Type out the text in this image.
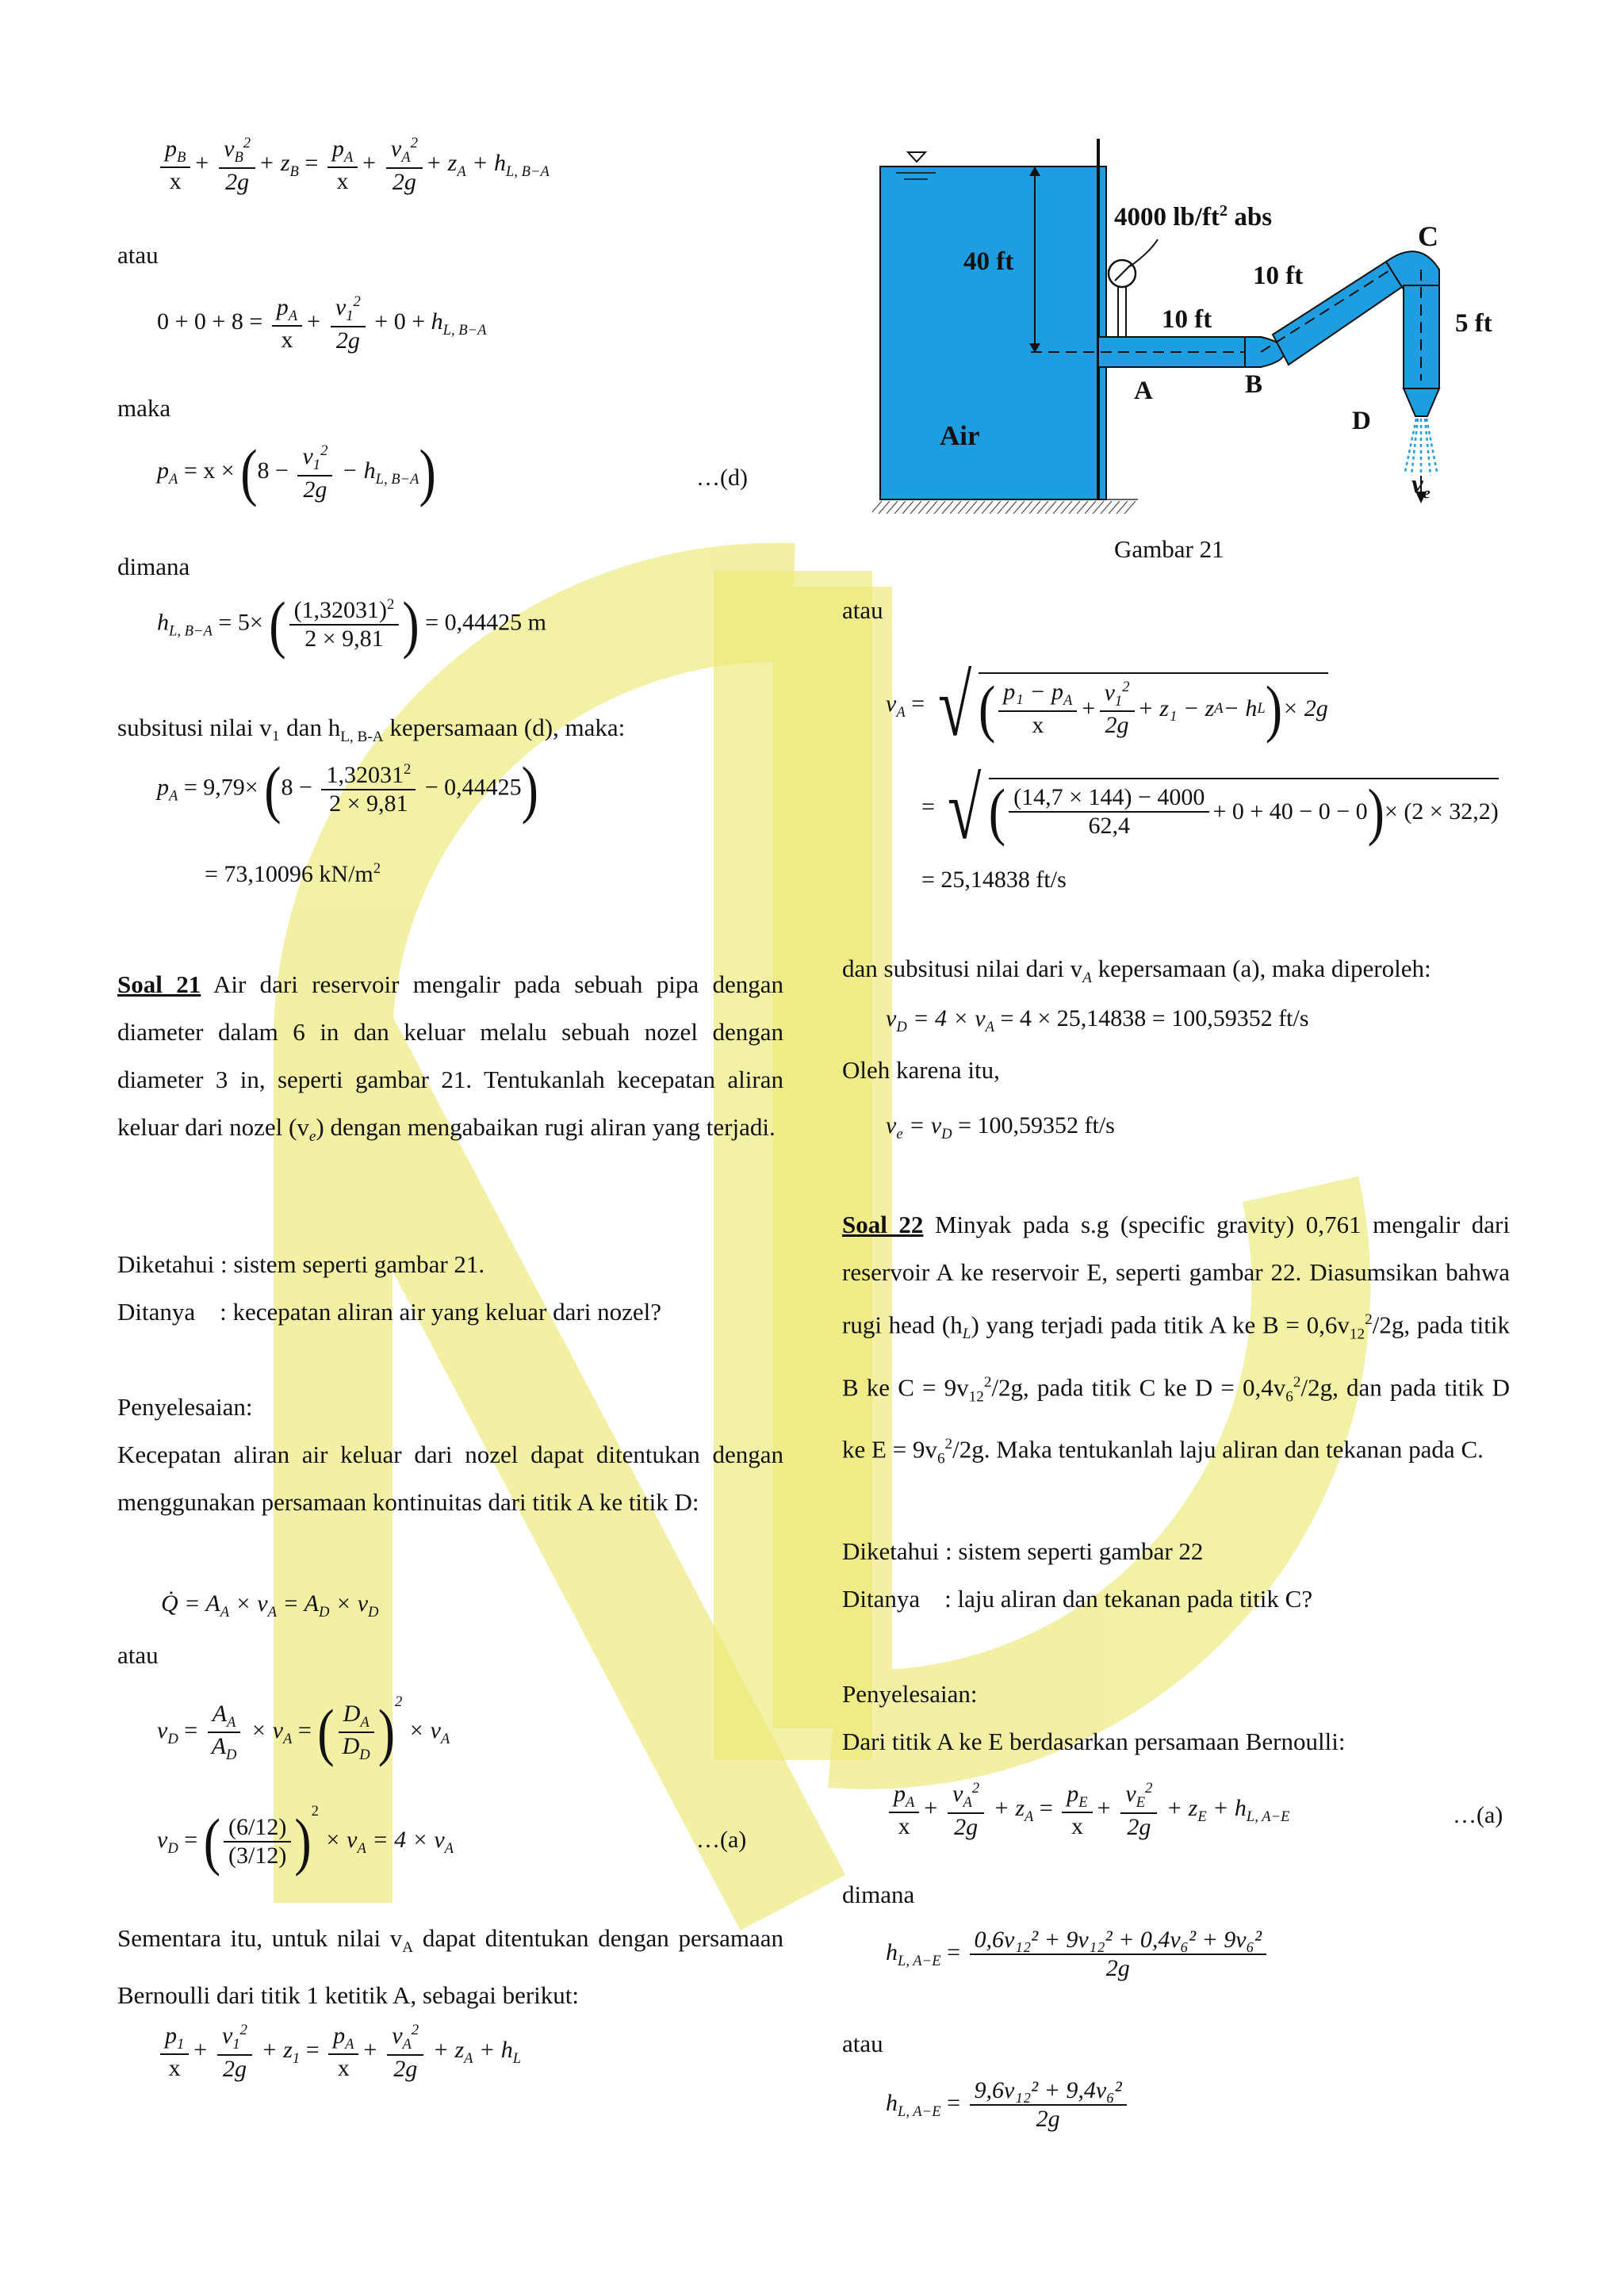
$\frac{p_B}{x} + \frac{v_B^2}{2g} + z_B = \frac{p_A}{x} + \frac{v_A^2}{2g} + z_A + h_{L, B-A}$
atau
$0 + 0 + 8 = \frac{p_A}{x} + \frac{v_1^2}{2g} + 0 + h_{L, B-A}$
maka
$p_A = x \times (8 - \frac{v_1^2}{2g} - h_{L, B-A})$	…(d)
dimana
$h_{L, B-A} = 5\times$ ( $\frac{(1,32031)^2}{2 \times 9,81}$ ) = 0,44425 m
subsitusi nilai v₁ dan $h_{L, B-A}$ kepersamaan (d), maka:
$p_A = 9,79\times (8 - \frac{1,32031^2}{2 \times 9,81} - 0,44425)$
= 73,10096 $kN/m^2$
Soal 21 Air dari reservoir mengalir pada sebuah pipa dengan diameter dalam 6 in dan keluar melalu sebuah nozel dengan diameter 3 in, seperti gambar 21. Tentukanlah kecepatan aliran keluar dari nozel $(v_e)$ dengan mengabaikan rugi aliran yang terjadi.
Diketahui : sistem seperti gambar 21.
Ditanya    : kecepatan aliran air yang keluar dari nozel?
Penyelesaian:
Kecepatan aliran air keluar dari nozel dapat ditentukan dengan menggunakan persamaan kontinuitas dari titik A ke titik D:
Q̇ = $A_A \times v_A = A_D \times v_D$
atau
$v_D = \frac{A_A}{A_D} \times v_A$ = ( $\frac{D_A}{D_D} )^2 \times v_A$
$v_D$ = ( $\frac{(6/12)}{(3/12)} )^2 \times v_A = 4 \times v_A$	…(a)
Sementara itu, untuk nilai $v_A$ dapat ditentukan dengan persamaan Bernoulli dari titik 1 ketitik A, sebagai berikut:
$\frac{p_1}{x} + \frac{v_1^2}{2g} + z_1 = \frac{p_A}{x} + \frac{v_A^2}{2g} + z_A + h_L$
40 ft
4000 $lb/ft^2$ abs
10 ft
10 ft
5 ft
A	B
C
D
Air
$v_e$
Gambar 21
atau
$v_A$ = √ ( $\frac{p_1 - p_A}{x} + \frac{v_1^2}{2g} + z_1 - z$ A − h L ) × 2g
= √ ( $\frac{(14,7 \times 144) - 4000}{62,4} + 0 + 40 - 0 - 0$ ) × (2 × 32,2)
= 25,14838 ft/s
dan subsitusi nilai dari $v_A$ kepersamaan (a), maka diperoleh:
$v_D = 4 \times v_A = 4 \times 25,14838 = 100,59352$ ft/s
Oleh karena itu,
$v_e = v_D = 100,59352$ ft/s
Soal 22 Minyak pada s.g (specific gravity) 0,761 mengalir dari reservoir A ke reservoir E, seperti gambar 22. Diasumsikan bahwa rugi head $(h_L)$ yang terjadi pada titik A ke $B = 0,6v_{12}^2/2g$, pada titik B ke $C = 9v_{12}^2/2g$, pada titik C ke $D = 0,4v_6^2/2g$, dan pada titik D ke $E = 9v_6^2/2g$. Maka tentukanlah laju aliran dan tekanan pada C.
Diketahui : sistem seperti gambar 22
Ditanya    : laju aliran dan tekanan pada titik C?
Penyelesaian:
Dari titik A ke E berdasarkan persamaan Bernoulli:
$\frac{p_A}{x} + \frac{v_A^2}{2g} + z_A = \frac{p_E}{x} + \frac{v_E^2}{2g} + z_E + h_{L, A-E}$	…(a)
dimana
$h_{L, A-E} = \frac{\text{0,6v₁₂² + 9v₁₂² + 0,4v₆² + 9v₆²}}{2g}$
atau
$h_{L, A-E} = \frac{\text{9,6v₁₂² + 9,4v₆²}}{2g}$
